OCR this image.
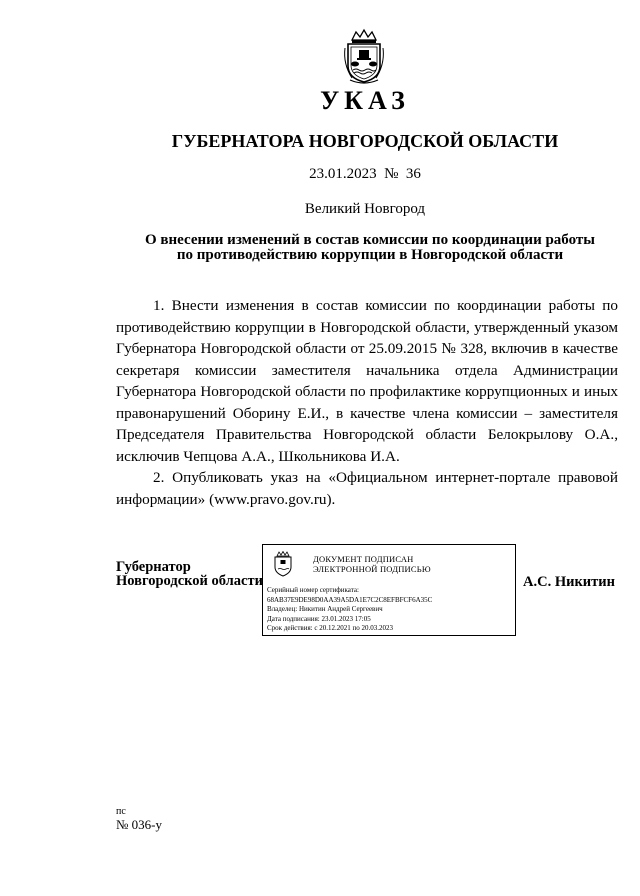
УКАЗ
ГУБЕРНАТОРА НОВГОРОДСКОЙ ОБЛАСТИ
23.01.2023  №  36
Великий Новгород
О внесении изменений в состав комиссии по координации работы
по противодействию коррупции в Новгородской области

1. Внести изменения в состав комиссии по координации работы по противодействию коррупции в Новгородской области, утвержденный указом Губернатора Новгородской области от 25.09.2015 № 328, включив в качестве секретаря комиссии заместителя начальника отдела Администрации Губернатора Новгородской области по профилактике коррупционных и иных правонарушений Оборину Е.И., в качестве члена комиссии – заместителя Председателя Правительства Новгородской области Белокрылову О.А., исключив Чепцова А.А., Школьникова И.А.

2. Опубликовать указ на «Официальном интернет-портале правовой информации» (www.pravo.gov.ru).

Губернатор
Новгородской области
ДОКУМЕНТ ПОДПИСАН
ЭЛЕКТРОННОЙ ПОДПИСЬЮ
Серийный номер сертификата:
68AB37E9DE98D0AA39A5DA1E7C2C8EFBFCF6A35C
Владелец: Никитин Андрей Сергеевич
Дата подписания: 23.01.2023 17:05
Срок действия: с 20.12.2021 по 20.03.2023
А.С. Никитин
пс
№ 036-у
